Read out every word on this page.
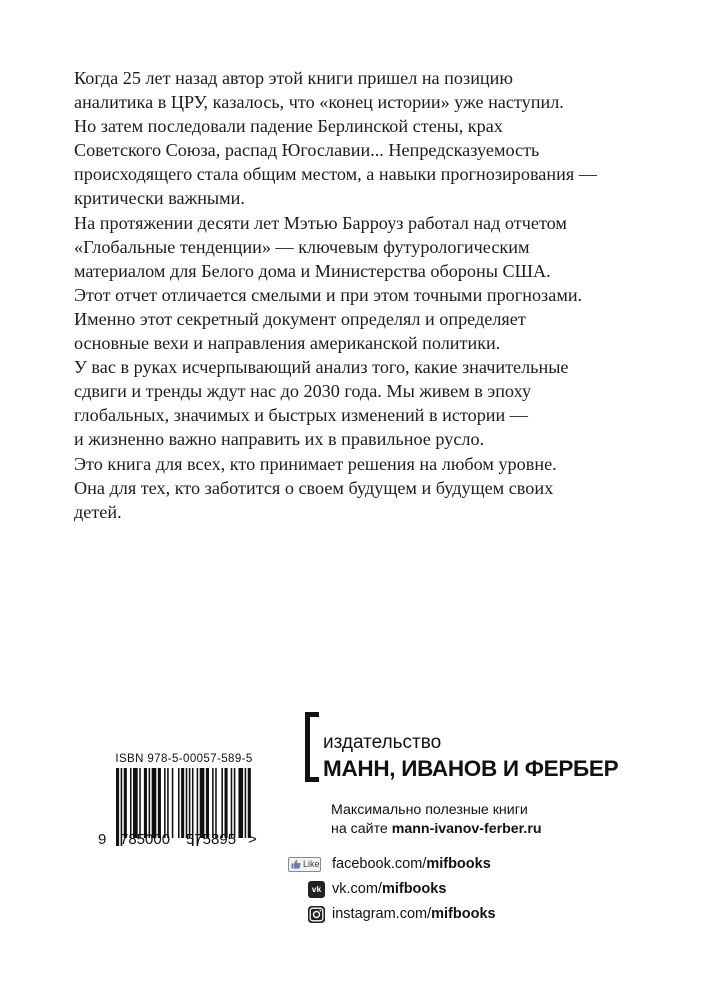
Когда 25 лет назад автор этой книги пришел на позицию
аналитика в ЦРУ, казалось, что «конец истории» уже наступил.
Но затем последовали падение Берлинской стены, крах
Советского Союза, распад Югославии... Непредсказуемость
происходящего стала общим местом, а навыки прогнозирования —
критически важными.
На протяжении десяти лет Мэтью Барроуз работал над отчетом
«Глобальные тенденции» — ключевым футурологическим
материалом для Белого дома и Министерства обороны США.
Этот отчет отличается смелыми и при этом точными прогнозами.
Именно этот секретный документ определял и определяет
основные вехи и направления американской политики.
У вас в руках исчерпывающий анализ того, какие значительные
сдвиги и тренды ждут нас до 2030 года. Мы живем в эпоху
глобальных, значимых и быстрых изменений в истории —
и жизненно важно направить их в правильное русло.
Это книга для всех, кто принимает решения на любом уровне.
Она для тех, кто заботится о своем будущем и будущем своих
детей.
ISBN 978-5-00057-589-5
9 785000 575895 >
издательство
МАНН, ИВАНОВ И ФЕРБЕР
Максимально полезные книги
на сайте mann-ivanov-ferber.ru
Like facebook.com/mifbooks
vk vk.com/mifbooks
instagram.com/mifbooks
